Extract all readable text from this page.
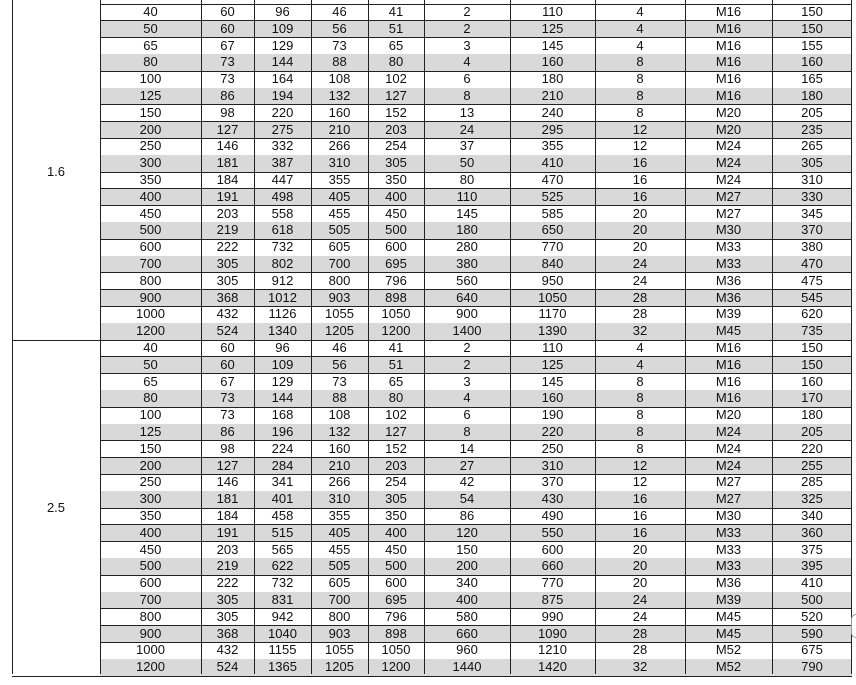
40	60	96	46	41	2	110	4	M16	150
50	60	109	56	51	2	125	4	M16	150
65	67	129	73	65	3	145	4	M16	155
80	73	144	88	80	4	160	8	M16	160
100	73	164	108	102	6	180	8	M16	165
125	86	194	132	127	8	210	8	M16	180
150	98	220	160	152	13	240	8	M20	205
200	127	275	210	203	24	295	12	M20	235
250	146	332	266	254	37	355	12	M24	265
300	181	387	310	305	50	410	16	M24	305
350	184	447	355	350	80	470	16	M24	310
400	191	498	405	400	110	525	16	M27	330
450	203	558	455	450	145	585	20	M27	345
500	219	618	505	500	180	650	20	M30	370
600	222	732	605	600	280	770	20	M33	380
700	305	802	700	695	380	840	24	M33	470
800	305	912	800	796	560	950	24	M36	475
900	368	1012	903	898	640	1050	28	M36	545
1000	432	1126	1055	1050	900	1170	28	M39	620
1200	524	1340	1205	1200	1400	1390	32	M45	735
1.6
40	60	96	46	41	2	110	4	M16	150
50	60	109	56	51	2	125	4	M16	150
65	67	129	73	65	3	145	8	M16	160
80	73	144	88	80	4	160	8	M16	170
100	73	168	108	102	6	190	8	M20	180
125	86	196	132	127	8	220	8	M24	205
150	98	224	160	152	14	250	8	M24	220
200	127	284	210	203	27	310	12	M24	255
250	146	341	266	254	42	370	12	M27	285
300	181	401	310	305	54	430	16	M27	325
350	184	458	355	350	86	490	16	M30	340
400	191	515	405	400	120	550	16	M33	360
450	203	565	455	450	150	600	20	M33	375
500	219	622	505	500	200	660	20	M33	395
600	222	732	605	600	340	770	20	M36	410
700	305	831	700	695	400	875	24	M39	500
800	305	942	800	796	580	990	24	M45	520
900	368	1040	903	898	660	1090	28	M45	590
1000	432	1155	1055	1050	960	1210	28	M52	675
1200	524	1365	1205	1200	1440	1420	32	M52	790
2.5
